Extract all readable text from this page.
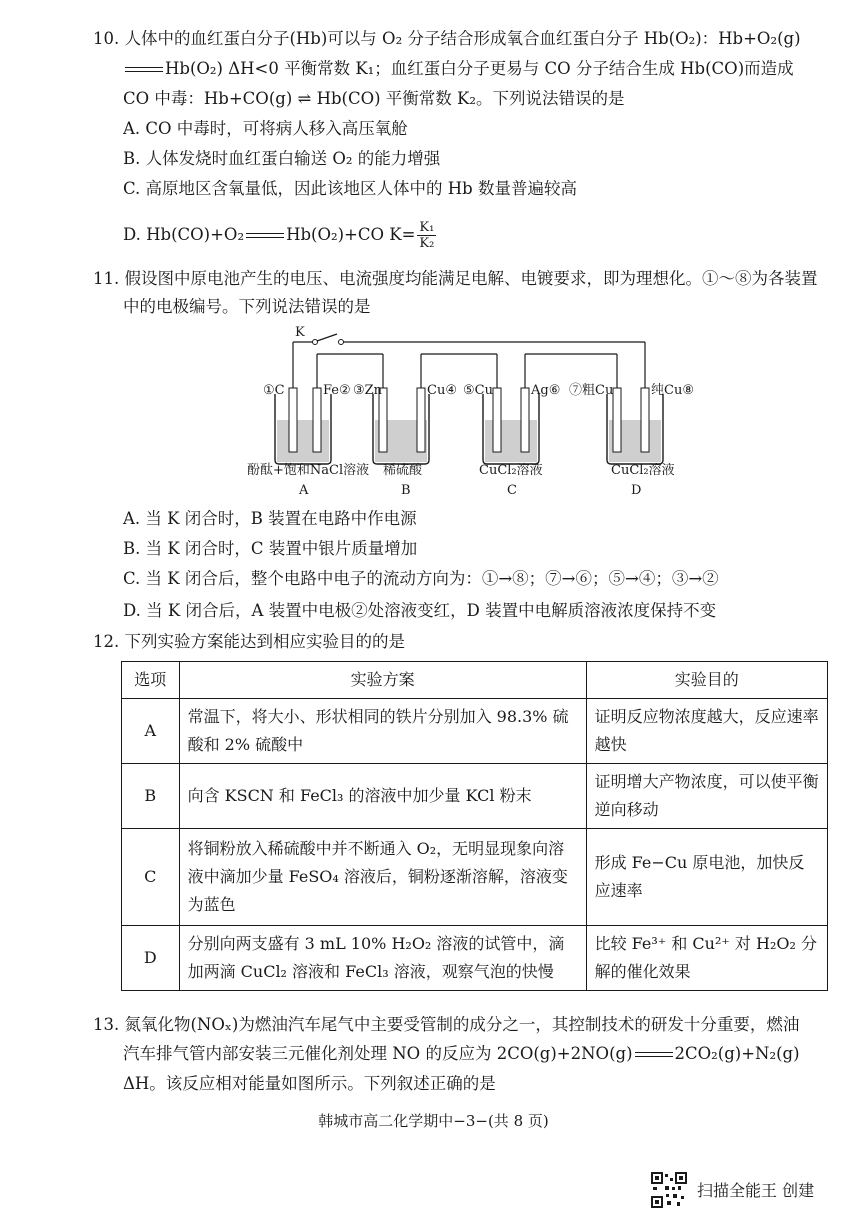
10. 人体中的血红蛋白分子(Hb)可以与 O₂ 分子结合形成氧合血红蛋白分子 Hb(O₂)：Hb+O₂(g)
Hb(O₂) ΔH<0 平衡常数 K₁；血红蛋白分子更易与 CO 分子结合生成 Hb(CO)而造成
CO 中毒：Hb+CO(g) ⇌ Hb(CO) 平衡常数 K₂。下列说法错误的是
A. CO 中毒时，可将病人移入高压氧舱
B. 人体发烧时血红蛋白输送 O₂ 的能力增强
C. 高原地区含氧量低，因此该地区人体中的 Hb 数量普遍较高
D. Hb(CO)+O₂	Hb(O₂)+CO $K= \frac{\text{K₁}}{\text{K₂}}$
11. 假设图中原电池产生的电压、电流强度均能满足电解、电镀要求，即为理想化。①～⑧为各装置
中的电极编号。下列说法错误的是
K
①C	Fe② ③Zn	Cu④ ⑤Cu	Ag⑥ ⑦粗Cu	纯Cu⑧
酚酞+饱和NaCl溶液 稀硫酸	CuCl₂溶液	CuCl₂溶液
A	B	C	D
A. 当 K 闭合时，B 装置在电路中作电源
B. 当 K 闭合时，C 装置中银片质量增加
C. 当 K 闭合后，整个电路中电子的流动方向为：①→⑧；⑦→⑥；⑤→④；③→②
D. 当 K 闭合后，A 装置中电极②处溶液变红，D 装置中电解质溶液浓度保持不变
12. 下列实验方案能达到相应实验目的的是
选项	实验方案	实验目的
A	常温下，将大小、形状相同的铁片分别加入 98.3% 硫酸和 2% 硫酸中	证明反应物浓度越大，反应速率越快
B	向含 KSCN 和 FeCl₃ 的溶液中加少量 KCl 粉末	证明增大产物浓度，可以使平衡逆向移动
C	将铜粉放入稀硫酸中并不断通入 O₂，无明显现象向溶液中滴加少量 FeSO₄ 溶液后，铜粉逐渐溶解，溶液变为蓝色	形成 Fe−Cu 原电池，加快反应速率
D	分别向两支盛有 3 mL 10% H₂O₂ 溶液的试管中，滴加两滴 CuCl₂ 溶液和 FeCl₃ 溶液，观察气泡的快慢	比较 Fe³⁺ 和 Cu²⁺ 对 H₂O₂ 分解的催化效果
13. 氮氧化物(NOₓ)为燃油汽车尾气中主要受管制的成分之一，其控制技术的研发十分重要，燃油
汽车排气管内部安装三元催化剂处理 NO 的反应为 2CO(g)+2NO(g)	2CO₂(g)+N₂(g)
ΔH。该反应相对能量如图所示。下列叙述正确的是
韩城市高二化学期中−3−(共 8 页)
扫描全能王 创建
